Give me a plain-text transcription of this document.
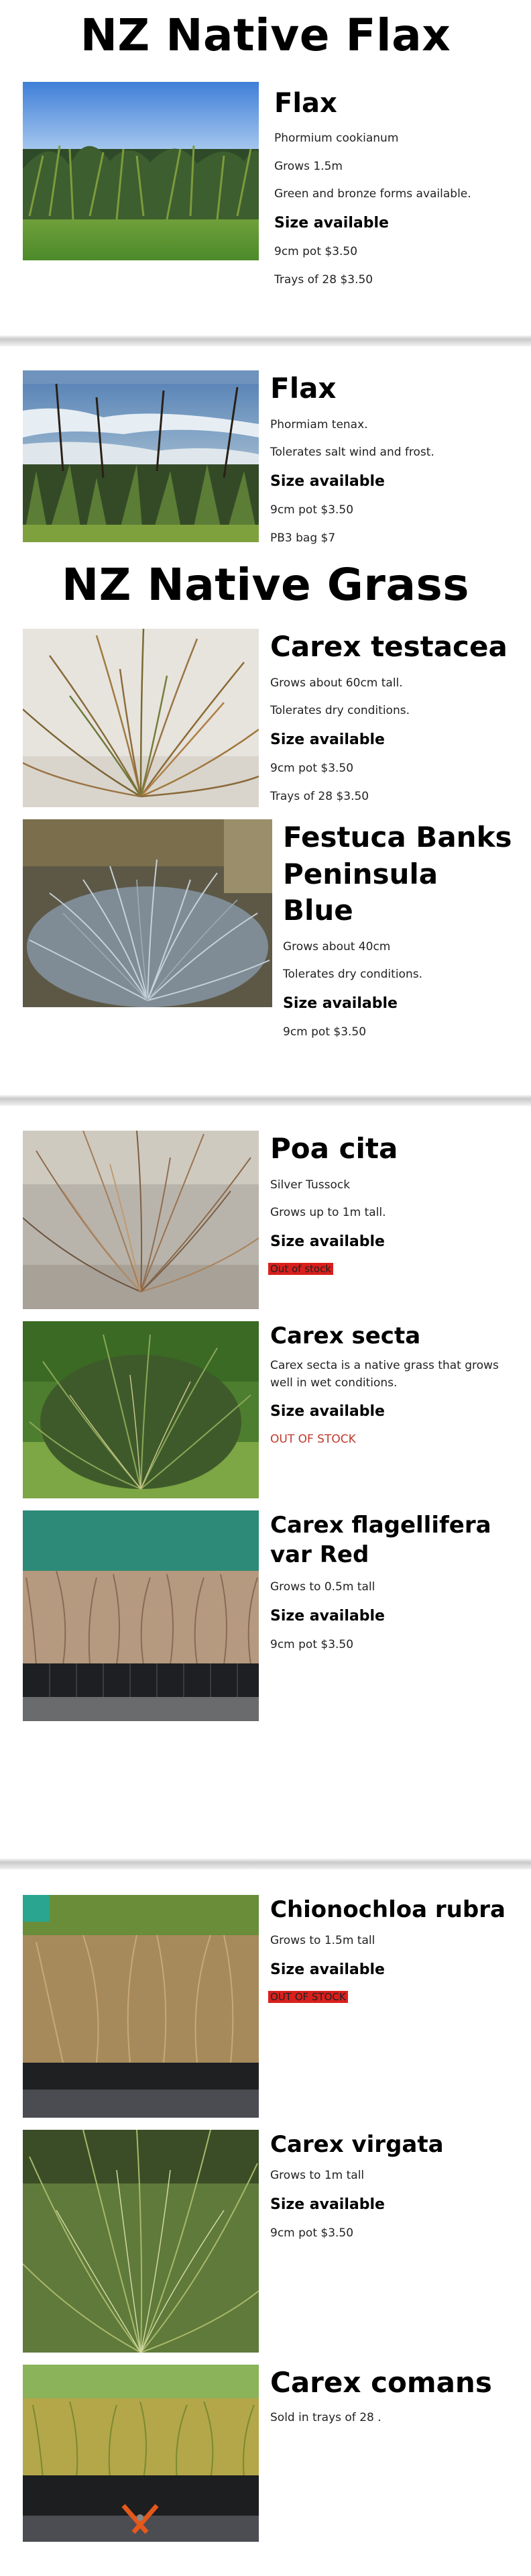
NZ Native Flax
Flax

Phormium cookianum

Grows 1.5m

Green and bronze forms available.

Size available

9cm pot $3.50

Trays of 28 $3.50

Flax

Phormiam tenax.

Tolerates salt wind and frost.

Size available

9cm pot $3.50

PB3 bag $7

NZ Native Grass
Carex testacea

Grows about 60cm tall.

Tolerates dry conditions.

Size available

9cm pot $3.50

Trays of 28 $3.50

Festuca Banks Peninsula Blue

Grows about 40cm

Tolerates dry conditions.

Size available

9cm pot $3.50

Poa cita

Silver Tussock

Grows up to 1m tall.

Size available
Out of stock
Carex secta

Carex secta is a native grass that grows well in wet conditions.

Size available

OUT OF STOCK

Carex flagellifera var Red

Grows to 0.5m tall

Size available

9cm pot $3.50

Chionochloa rubra

Grows to 1.5m tall

Size available
OUT OF STOCK
Carex virgata

Grows to 1m tall

Size available

9cm pot $3.50

Carex comans

Sold in trays of 28 .
